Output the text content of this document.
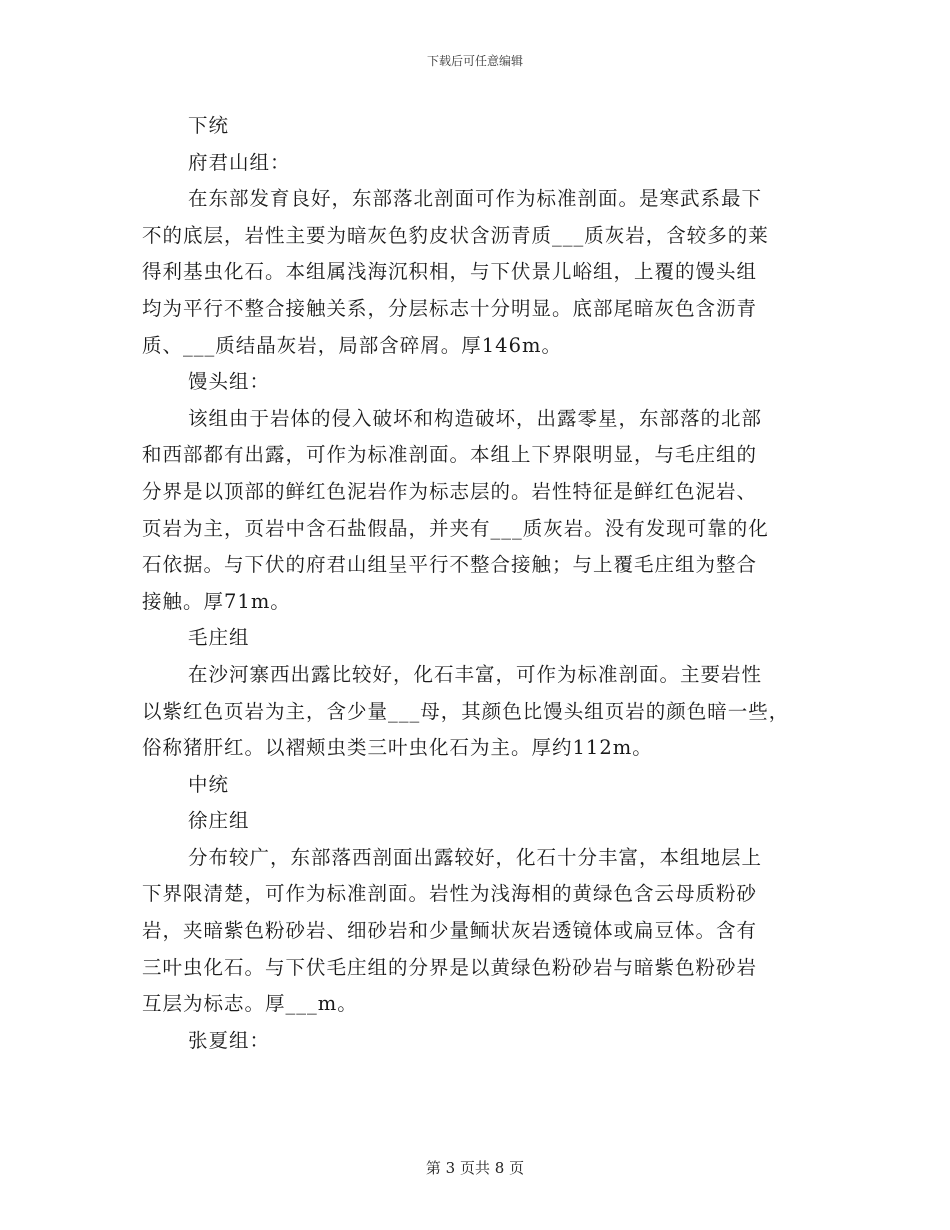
下载后可任意编辑
下统
府君山组：
在东部发育良好，东部落北剖面可作为标准剖面。是寒武系最下
不的底层，岩性主要为暗灰色豹皮状含沥青质___质灰岩，含较多的莱
得利基虫化石。本组属浅海沉积相，与下伏景儿峪组，上覆的馒头组
均为平行不整合接触关系，分层标志十分明显。底部尾暗灰色含沥青
质、___质结晶灰岩，局部含碎屑。厚146m。
馒头组：
该组由于岩体的侵入破坏和构造破坏，出露零星，东部落的北部
和西部都有出露，可作为标准剖面。本组上下界限明显，与毛庄组的
分界是以顶部的鲜红色泥岩作为标志层的。岩性特征是鲜红色泥岩、
页岩为主，页岩中含石盐假晶，并夹有___质灰岩。没有发现可靠的化
石依据。与下伏的府君山组呈平行不整合接触；与上覆毛庄组为整合
接触。厚71m。
毛庄组
在沙河寨西出露比较好，化石丰富，可作为标准剖面。主要岩性
以紫红色页岩为主，含少量___母，其颜色比馒头组页岩的颜色暗一些，
俗称猪肝红。以褶颊虫类三叶虫化石为主。厚约112m。
中统
徐庄组
分布较广，东部落西剖面出露较好，化石十分丰富，本组地层上
下界限清楚，可作为标准剖面。岩性为浅海相的黄绿色含云母质粉砂
岩，夹暗紫色粉砂岩、细砂岩和少量鲕状灰岩透镜体或扁豆体。含有
三叶虫化石。与下伏毛庄组的分界是以黄绿色粉砂岩与暗紫色粉砂岩
互层为标志。厚___m。
张夏组：
第 3 页共 8 页
